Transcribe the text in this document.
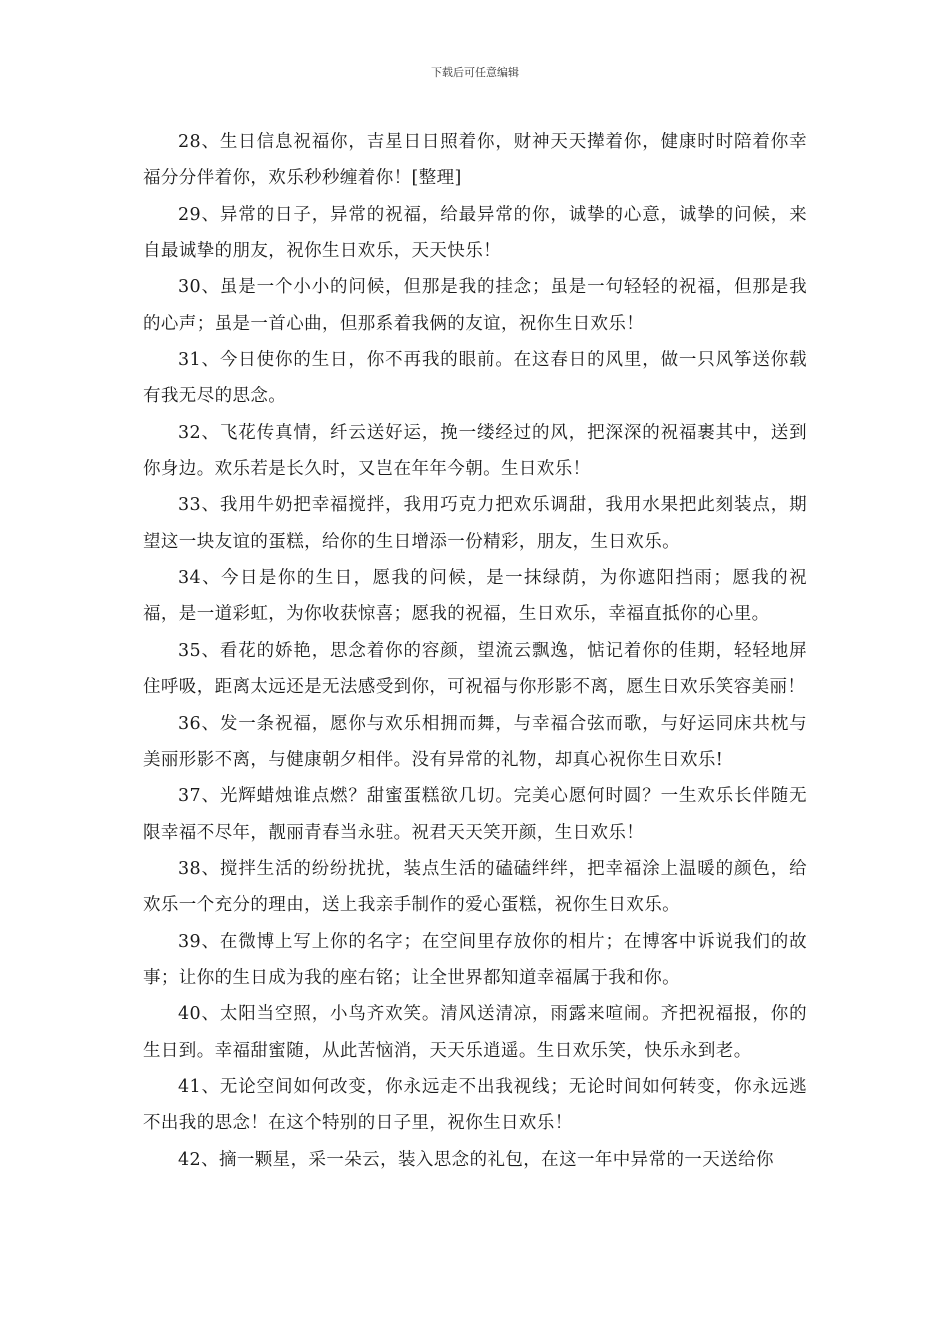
下载后可任意编辑

28、生日信息祝福你，吉星日日照着你，财神天天撵着你，健康时时陪着你幸福分分伴着你，欢乐秒秒缠着你！[整理]

29、异常的日子，异常的祝福，给最异常的你，诚挚的心意，诚挚的问候，来自最诚挚的朋友，祝你生日欢乐，天天快乐！

30、虽是一个小小的问候，但那是我的挂念；虽是一句轻轻的祝福，但那是我的心声；虽是一首心曲，但那系着我俩的友谊，祝你生日欢乐！

31、今日使你的生日，你不再我的眼前。在这春日的风里，做一只风筝送你载有我无尽的思念。

32、飞花传真情，纤云送好运，挽一缕经过的风，把深深的祝福裹其中，送到你身边。欢乐若是长久时，又岂在年年今朝。生日欢乐！

33、我用牛奶把幸福搅拌，我用巧克力把欢乐调甜，我用水果把此刻装点，期望这一块友谊的蛋糕，给你的生日增添一份精彩，朋友，生日欢乐。

34、今日是你的生日，愿我的问候，是一抹绿荫，为你遮阳挡雨；愿我的祝福，是一道彩虹，为你收获惊喜；愿我的祝福，生日欢乐，幸福直抵你的心里。

35、看花的娇艳，思念着你的容颜，望流云飘逸，惦记着你的佳期，轻轻地屏住呼吸，距离太远还是无法感受到你，可祝福与你形影不离，愿生日欢乐笑容美丽！

36、发一条祝福，愿你与欢乐相拥而舞，与幸福合弦而歌，与好运同床共枕与美丽形影不离，与健康朝夕相伴。没有异常的礼物，却真心祝你生日欢乐!

37、光辉蜡烛谁点燃？甜蜜蛋糕欲几切。完美心愿何时圆？一生欢乐长伴随无限幸福不尽年，靓丽青春当永驻。祝君天天笑开颜，生日欢乐！

38、搅拌生活的纷纷扰扰，装点生活的磕磕绊绊，把幸福涂上温暖的颜色，给欢乐一个充分的理由，送上我亲手制作的爱心蛋糕，祝你生日欢乐。

39、在微博上写上你的名字；在空间里存放你的相片；在博客中诉说我们的故事；让你的生日成为我的座右铭；让全世界都知道幸福属于我和你。

40、太阳当空照，小鸟齐欢笑。清风送清凉，雨露来喧闹。齐把祝福报，你的生日到。幸福甜蜜随，从此苦恼消，天天乐逍遥。生日欢乐笑，快乐永到老。

41、无论空间如何改变，你永远走不出我视线；无论时间如何转变，你永远逃不出我的思念！在这个特别的日子里，祝你生日欢乐！

42、摘一颗星，采一朵云，装入思念的礼包，在这一年中异常的一天送给你
